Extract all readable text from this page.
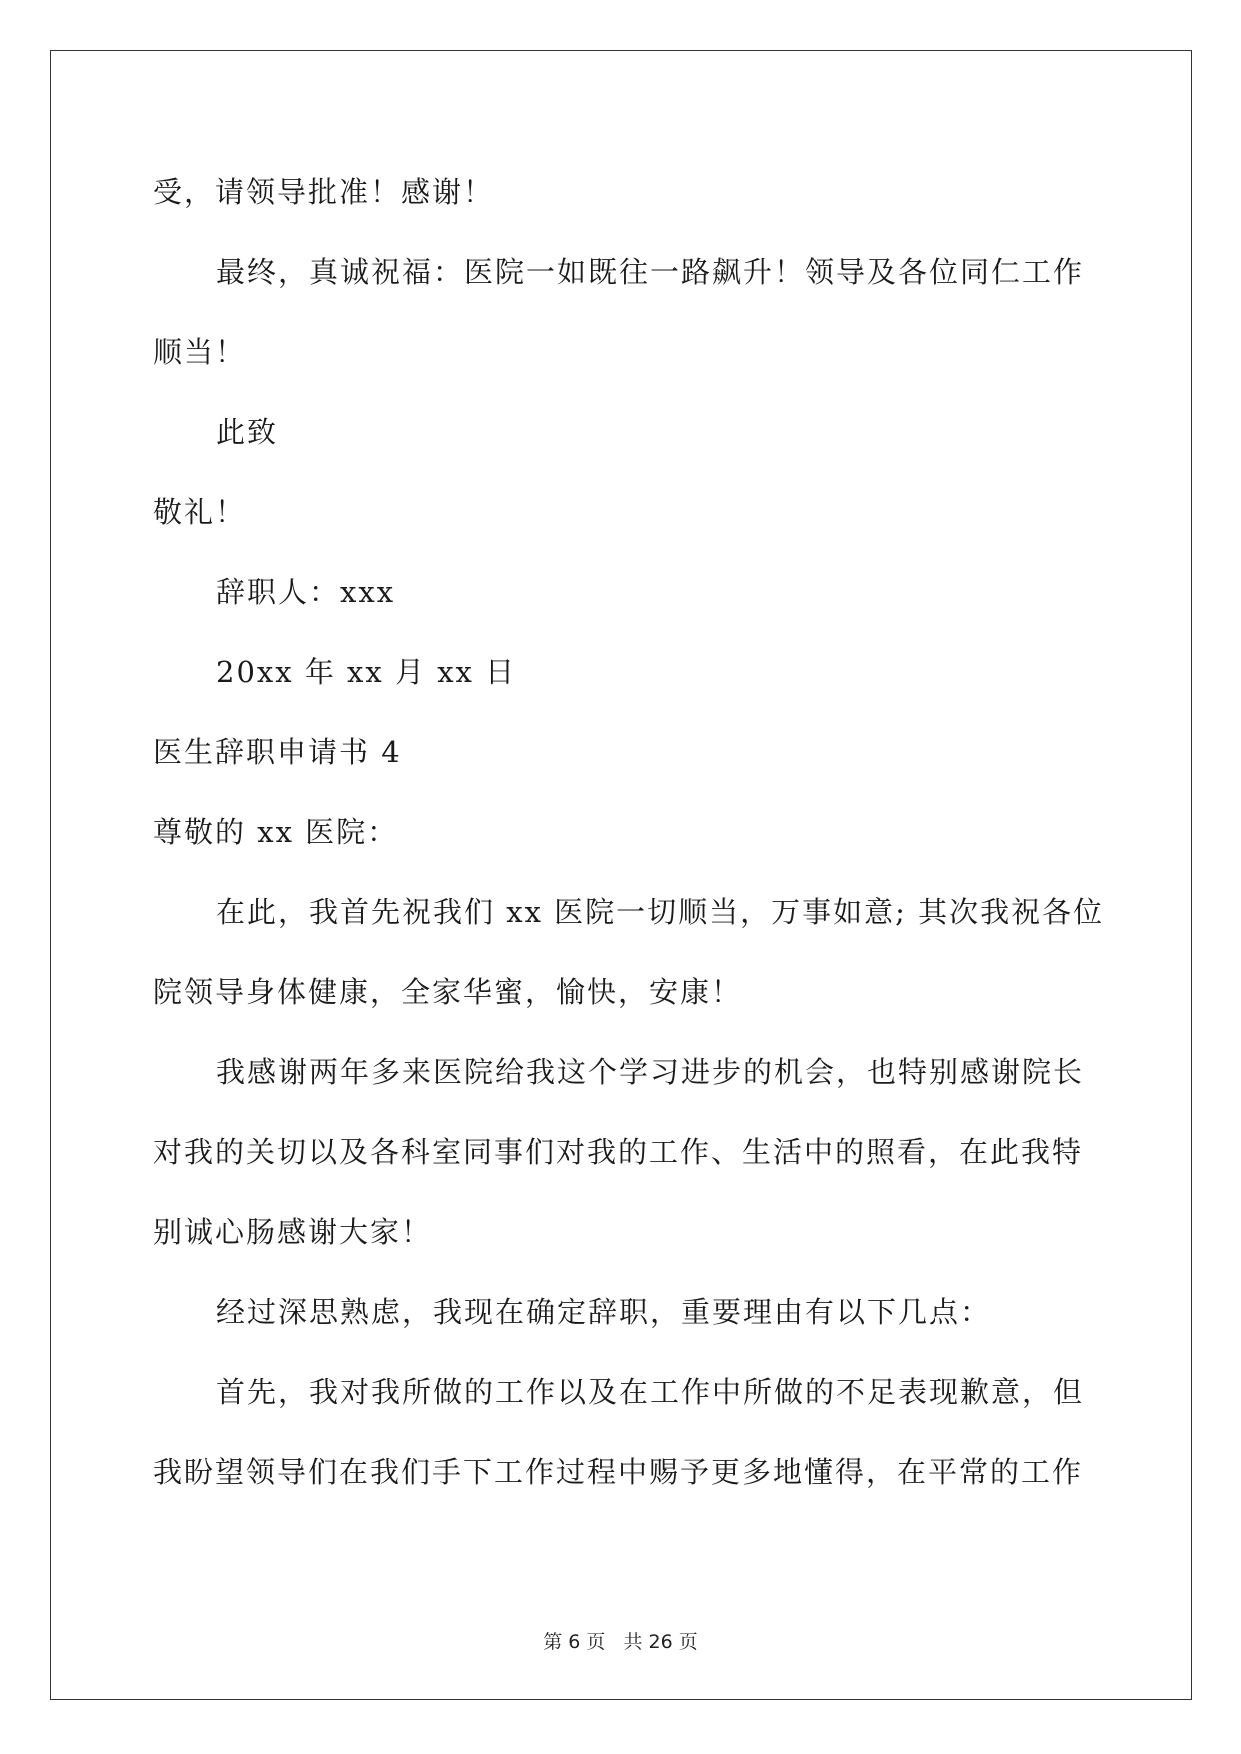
受，请领导批准！感谢！
最终，真诚祝福：医院一如既往一路飙升！领导及各位同仁工作
顺当！
此致
敬礼！
辞职人：xxx
20xx 年 xx 月 xx 日
医生辞职申请书 4
尊敬的 xx 医院：
在此，我首先祝我们 xx 医院一切顺当，万事如意; 其次我祝各位
院领导身体健康，全家华蜜，愉快，安康！
我感谢两年多来医院给我这个学习进步的机会，也特别感谢院长
对我的关切以及各科室同事们对我的工作、生活中的照看，在此我特
别诚心肠感谢大家！
经过深思熟虑，我现在确定辞职，重要理由有以下几点：
首先，我对我所做的工作以及在工作中所做的不足表现歉意，但
我盼望领导们在我们手下工作过程中赐予更多地懂得，在平常的工作
第 6 页 共 26 页
